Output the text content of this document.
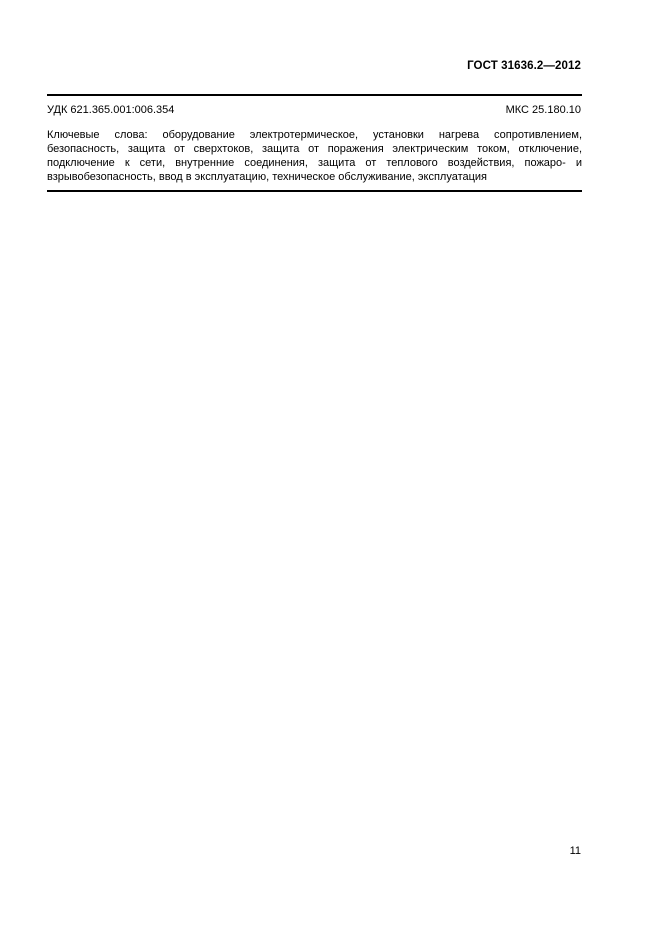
ГОСТ 31636.2—2012
УДК 621.365.001:006.354	МКС 25.180.10
Ключевые слова: оборудование электротермическое, установки нагрева сопротивлением, безопасность, защита от сверхтоков, защита от поражения электрическим током, отключение, подключение к сети, внутренние соединения, защита от теплового воздействия, пожаро- и взрывобезопасность, ввод в эксплуатацию, техническое обслуживание, эксплуатация
11
